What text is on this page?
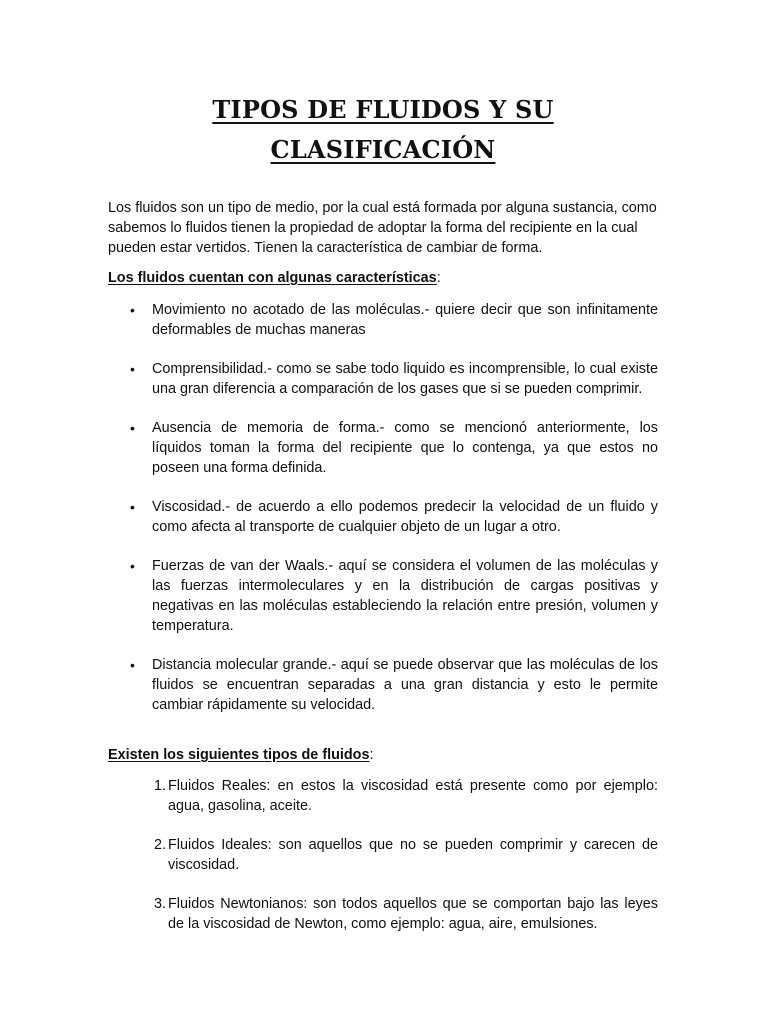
TIPOS DE FLUIDOS Y SU CLASIFICACIÓN

Los fluidos son un tipo de medio, por la cual está formada por alguna sustancia, como sabemos lo fluidos tienen la propiedad de adoptar la forma del recipiente en la cual pueden estar vertidos. Tienen la característica de cambiar de forma.

Los fluidos cuentan con algunas características:

• Movimiento no acotado de las moléculas.- quiere decir que son infinitamente deformables de muchas maneras
• Comprensibilidad.- como se sabe todo liquido es incomprensible, lo cual existe una gran diferencia a comparación de los gases que si se pueden comprimir.
• Ausencia de memoria de forma.- como se mencionó anteriormente, los líquidos toman la forma del recipiente que lo contenga, ya que estos no poseen una forma definida.
• Viscosidad.- de acuerdo a ello podemos predecir la velocidad de un fluido y como afecta al transporte de cualquier objeto de un lugar a otro.
• Fuerzas de van der Waals.- aquí se considera el volumen de las moléculas y las fuerzas intermoleculares y en la distribución de cargas positivas y negativas en las moléculas estableciendo la relación entre presión, volumen y temperatura.
• Distancia molecular grande.- aquí se puede observar que las moléculas de los fluidos se encuentran separadas a una gran distancia y esto le permite cambiar rápidamente su velocidad.

Existen los siguientes tipos de fluidos:

1. Fluidos Reales: en estos la viscosidad está presente como por ejemplo: agua, gasolina, aceite.
2. Fluidos Ideales: son aquellos que no se pueden comprimir y carecen de viscosidad.
3. Fluidos Newtonianos: son todos aquellos que se comportan bajo las leyes de la viscosidad de Newton, como ejemplo: agua, aire, emulsiones.
